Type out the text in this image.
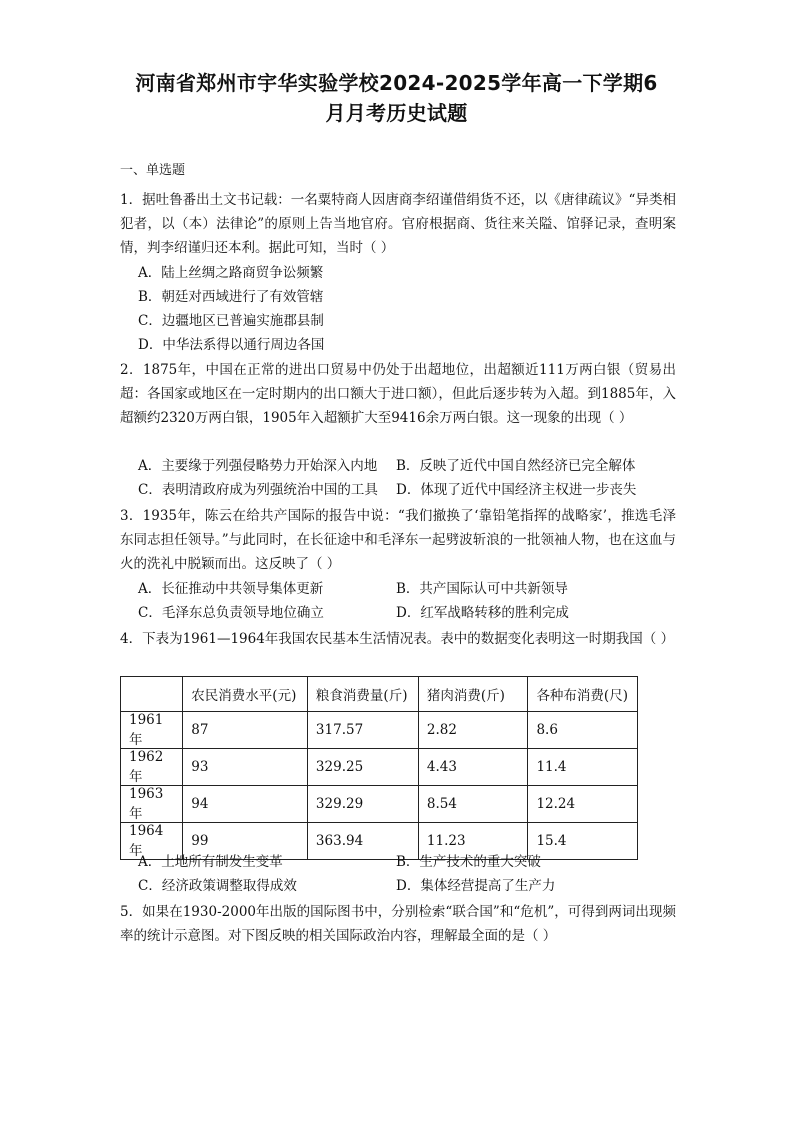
河南省郑州市宇华实验学校2024-2025学年高一下学期6
月月考历史试题
一、单选题
1．据吐鲁番出土文书记载：一名粟特商人因唐商李绍谨借绢货不还，以《唐律疏议》“异类相犯者，以（本）法律论”的原则上告当地官府。官府根据商、货往来关隘、馆驿记录，查明案情，判李绍谨归还本利。据此可知，当时（ ）
A．陆上丝绸之路商贸争讼频繁
B．朝廷对西域进行了有效管辖
C．边疆地区已普遍实施郡县制
D．中华法系得以通行周边各国
2．1875年，中国在正常的进出口贸易中仍处于出超地位，出超额近111万两白银（贸易出超：各国家或地区在一定时期内的出口额大于进口额），但此后逐步转为入超。到1885年，入超额约2320万两白银，1905年入超额扩大至9416余万两白银。这一现象的出现（ ）
A．主要缘于列强侵略势力开始深入内地 B．反映了近代中国自然经济已完全解体
C．表明清政府成为列强统治中国的工具 D．体现了近代中国经济主权进一步丧失
3．1935年，陈云在给共产国际的报告中说：“我们撤换了‘靠铅笔指挥的战略家’，推选毛泽东同志担任领导。”与此同时，在长征途中和毛泽东一起劈波斩浪的一批领袖人物，也在这血与火的洗礼中脱颖而出。这反映了（ ）
A．长征推动中共领导集体更新	B．共产国际认可中共新领导
C．毛泽东总负责领导地位确立	D．红军战略转移的胜利完成
4．下表为1961—1964年我国农民基本生活情况表。表中的数据变化表明这一时期我国（ ）
	农民消费水平(元)	粮食消费量(斤)	猪肉消费(斤)	各种布消费(尺)
1961年	87	317.57	2.82	8.6
1962年	93	329.25	4.43	11.4
1963年	94	329.29	8.54	12.24
1964年	99	363.94	11.23	15.4
A．土地所有制发生变革	B．生产技术的重大突破
C．经济政策调整取得成效	D．集体经营提高了生产力
5．如果在1930-2000年出版的国际图书中，分别检索“联合国”和“危机”，可得到两词出现频率的统计示意图。对下图反映的相关国际政治内容，理解最全面的是（ ）
